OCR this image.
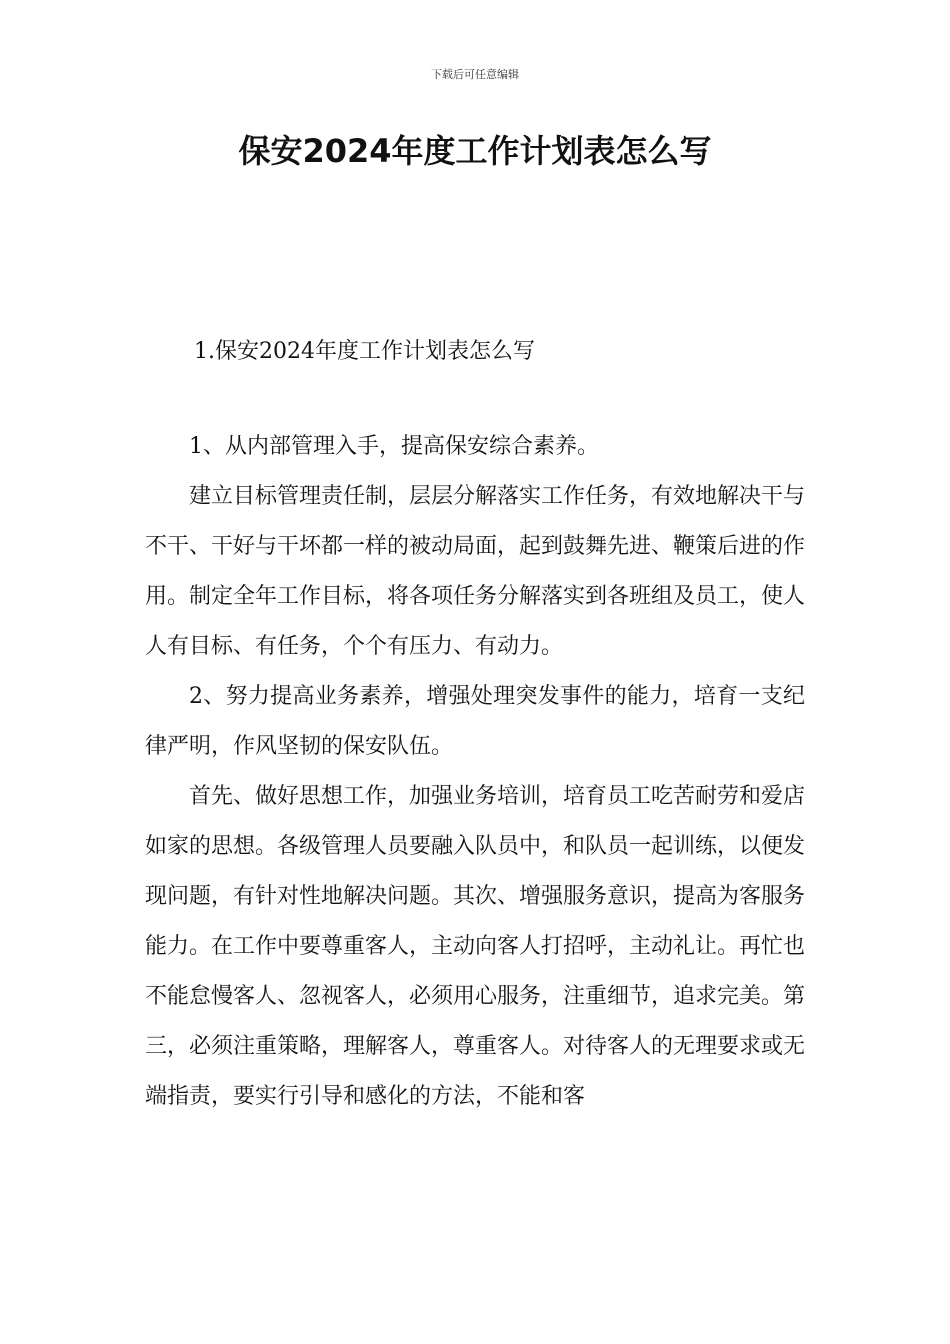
下载后可任意编辑
保安2024年度工作计划表怎么写
1.保安2024年度工作计划表怎么写

1、从内部管理入手，提高保安综合素养。

建立目标管理责任制，层层分解落实工作任务，有效地解决干与不干、干好与干坏都一样的被动局面，起到鼓舞先进、鞭策后进的作用。制定全年工作目标，将各项任务分解落实到各班组及员工，使人人有目标、有任务，个个有压力、有动力。

2、努力提高业务素养，增强处理突发事件的能力，培育一支纪律严明，作风坚韧的保安队伍。

首先、做好思想工作，加强业务培训，培育员工吃苦耐劳和爱店如家的思想。各级管理人员要融入队员中，和队员一起训练，以便发现问题，有针对性地解决问题。其次、增强服务意识，提高为客服务能力。在工作中要尊重客人，主动向客人打招呼，主动礼让。再忙也不能怠慢客人、忽视客人，必须用心服务，注重细节，追求完美。第三，必须注重策略，理解客人，尊重客人。对待客人的无理要求或无端指责，要实行引导和感化的方法，不能和客
